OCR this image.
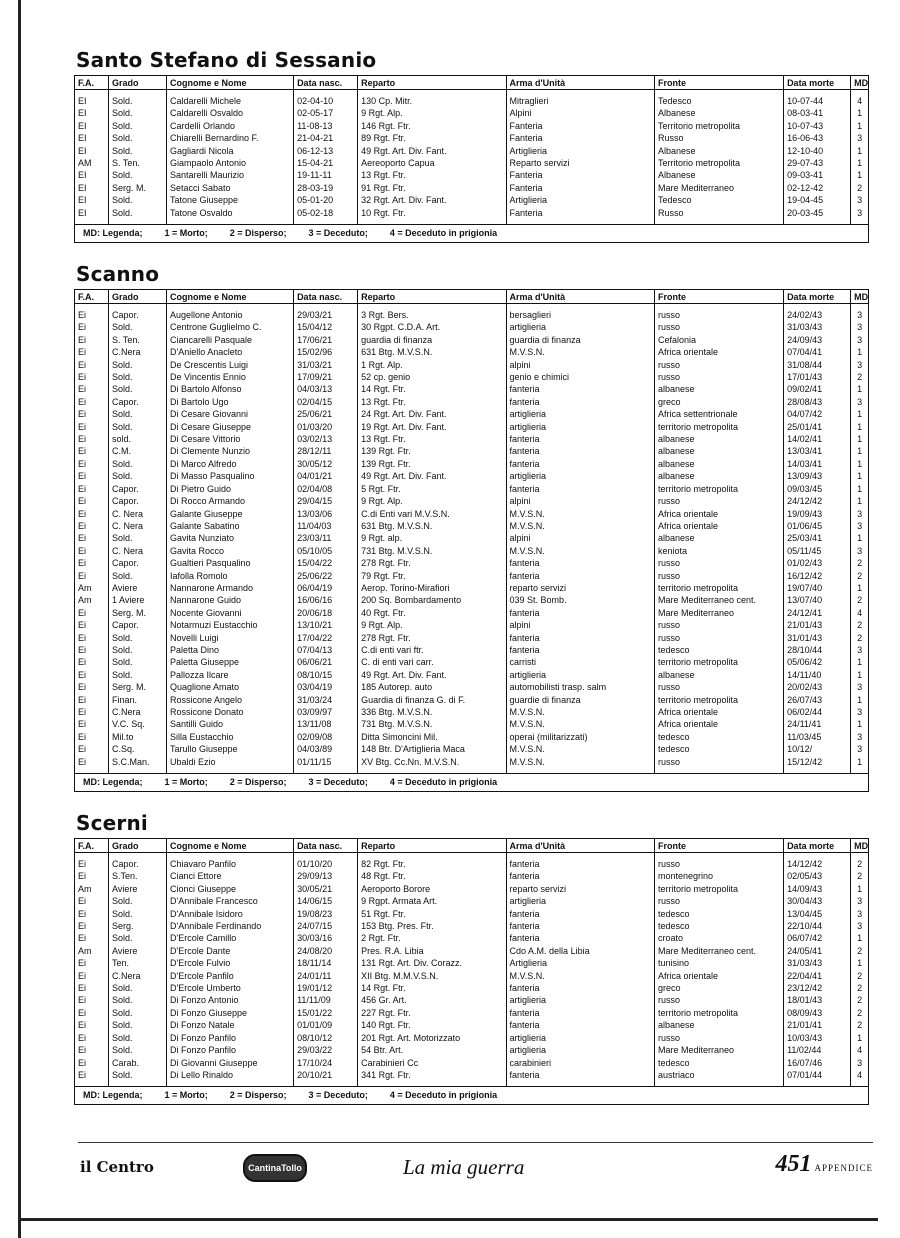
Santo Stefano di Sessanio
F.A.	Grado	Cognome e Nome	Data nasc.	Reparto	Arma d'Unità	Fronte	Data morte	MD

EI	Sold.	Caldarelli Michele	02-04-10	130 Cp. Mitr.	Mitraglieri	Tedesco	10-07-44	4
EI	Sold.	Caldarelli Osvaldo	02-05-17	9 Rgt. Alp.	Alpini	Albanese	08-03-41	1
EI	Sold.	Cardelli Orlando	11-08-13	146 Rgt. Ftr.	Fanteria	Territorio metropolita	10-07-43	1
EI	Sold.	Chiarelli Bernardino F.	21-04-21	89 Rgt. Ftr.	Fanteria	Russo	16-06-43	3
EI	Sold.	Gagliardi Nicola	06-12-13	49 Rgt. Art. Div. Fant.	Artiglieria	Albanese	12-10-40	1
AM	S. Ten.	Giampaolo Antonio	15-04-21	Aereoporto Capua	Reparto servizi	Territorio metropolita	29-07-43	1
EI	Sold.	Santarelli Maurizio	19-11-11	13 Rgt. Ftr.	Fanteria	Albanese	09-03-41	1
EI	Serg. M.	Setacci Sabato	28-03-19	91 Rgt. Ftr.	Fanteria	Mare Mediterraneo	02-12-42	2
EI	Sold.	Tatone Giuseppe	05-01-20	32 Rgt. Art. Div. Fant.	Artiglieria	Tedesco	19-04-45	3
EI	Sold.	Tatone Osvaldo	05-02-18	10 Rgt. Ftr.	Fanteria	Russo	20-03-45	3

MD: Legenda; 1 = Morto; 2 = Disperso; 3 = Deceduto; 4 = Deceduto in prigionia
Scanno
F.A.	Grado	Cognome e Nome	Data nasc.	Reparto	Arma d'Unità	Fronte	Data morte	MD

Ei	Capor.	Augellone Antonio	29/03/21	3 Rgt. Bers.	bersaglieri	russo	24/02/43	3
Ei	Sold.	Centrone Guglielmo C.	15/04/12	30 Rgpt. C.D.A. Art.	artiglieria	russo	31/03/43	3
Ei	S. Ten.	Ciancarelli Pasquale	17/06/21	guardia di finanza	guardia di finanza	Cefalonia	24/09/43	3
Ei	C.Nera	D'Aniello Anacleto	15/02/96	631 Btg. M.V.S.N.	M.V.S.N.	Africa orientale	07/04/41	1
Ei	Sold.	De Crescentis Luigi	31/03/21	1 Rgt. Alp.	alpini	russo	31/08/44	3
Ei	Sold.	De Vincentis Ennio	17/09/21	52 cp. genio	genio e chimici	russo	17/01/43	2
Ei	Sold.	Di Bartolo Alfonso	04/03/13	14 Rgt. Ftr.	fanteria	albanese	09/02/41	1
Ei	Capor.	Di Bartolo Ugo	02/04/15	13 Rgt. Ftr.	fanteria	greco	28/08/43	3
Ei	Sold.	Di Cesare Giovanni	25/06/21	24 Rgt. Art. Div. Fant.	artiglieria	Africa settentrionale	04/07/42	1
Ei	Sold.	Di Cesare Giuseppe	01/03/20	19 Rgt. Art. Div. Fant.	artiglieria	territorio metropolita	25/01/41	1
Ei	sold.	Di Cesare Vittorio	03/02/13	13 Rgt. Ftr.	fanteria	albanese	14/02/41	1
Ei	C.M.	Di Clemente Nunzio	28/12/11	139 Rgt. Ftr.	fanteria	albanese	13/03/41	1
Ei	Sold.	Di Marco Alfredo	30/05/12	139 Rgt. Ftr.	fanteria	albanese	14/03/41	1
Ei	Sold.	Di Masso Pasqualino	04/01/21	49 Rgt. Art. Div. Fant.	artiglieria	albanese	13/09/43	1
Ei	Capor.	Di Pietro Guido	02/04/08	5 Rgt. Ftr.	fanteria	territorio metropolita	09/03/45	1
Ei	Capor.	Di Rocco Armando	29/04/15	9 Rgt. Alp.	alpini	russo	24/12/42	1
Ei	C. Nera	Galante Giuseppe	13/03/06	C.di Enti vari M.V.S.N.	M.V.S.N.	Africa orientale	19/09/43	3
Ei	C. Nera	Galante Sabatino	11/04/03	631 Btg. M.V.S.N.	M.V.S.N.	Africa orientale	01/06/45	3
Ei	Sold.	Gavita Nunziato	23/03/11	9 Rgt. alp.	alpini	albanese	25/03/41	1
Ei	C. Nera	Gavita Rocco	05/10/05	731 Btg. M.V.S.N.	M.V.S.N.	keniota	05/11/45	3
Ei	Capor.	Gualtieri Pasqualino	15/04/22	278 Rgt. Ftr.	fanteria	russo	01/02/43	2
Ei	Sold.	Iafolla Romolo	25/06/22	79 Rgt. Ftr.	fanteria	russo	16/12/42	2
Am	Aviere	Nannarone Armando	06/04/19	Aerop. Torino-Mirafiori	reparto servizi	territorio metropolita	19/07/40	1
Am	1 Aviere	Nannarone Guido	16/06/16	200 Sq. Bombardamento	039 St. Bomb.	Mare Mediterraneo cent.	13/07/40	2
Ei	Serg. M.	Nocente Giovanni	20/06/18	40 Rgt. Ftr.	fanteria	Mare Mediterraneo	24/12/41	4
Ei	Capor.	Notarmuzi Eustacchio	13/10/21	9 Rgt. Alp.	alpini	russo	21/01/43	2
Ei	Sold.	Novelli Luigi	17/04/22	278 Rgt. Ftr.	fanteria	russo	31/01/43	2
Ei	Sold.	Paletta Dino	07/04/13	C.di enti vari ftr.	fanteria	tedesco	28/10/44	3
Ei	Sold.	Paletta Giuseppe	06/06/21	C. di enti vari carr.	carristi	territorio metropolita	05/06/42	1
Ei	Sold.	Pallozza Ilcare	08/10/15	49 Rgt. Art. Div. Fant.	artiglieria	albanese	14/11/40	1
Ei	Serg. M.	Quaglione Amato	03/04/19	185 Autorep. auto	automobilisti trasp. salm	russo	20/02/43	3
Ei	Finan.	Rossicone Angelo	31/03/24	Guardia di finanza G. di F.	guardie di finanza	territorio metropolita	26/07/43	1
Ei	C.Nera	Rossicone Donato	03/09/97	336 Btg. M.V.S.N.	M.V.S.N.	Africa orientale	06/02/44	3
Ei	V.C. Sq.	Santilli Guido	13/11/08	731 Btg. M.V.S.N.	M.V.S.N.	Africa orientale	24/11/41	1
Ei	Mil.to	Silla Eustacchio	02/09/08	Ditta Simoncini Mil.	operai (militarizzati)	tedesco	11/03/45	3
Ei	C.Sq.	Tarullo Giuseppe	04/03/89	148 Btr. D'Artiglieria Maca	M.V.S.N.	tedesco	10/12/	3
Ei	S.C.Man.	Ubaldi Ezio	01/11/15	XV Btg. Cc.Nn. M.V.S.N.	M.V.S.N.	russo	15/12/42	1

MD: Legenda; 1 = Morto; 2 = Disperso; 3 = Deceduto; 4 = Deceduto in prigionia
Scerni
F.A.	Grado	Cognome e Nome	Data nasc.	Reparto	Arma d'Unità	Fronte	Data morte	MD

Ei	Capor.	Chiavaro Panfilo	01/10/20	82 Rgt. Ftr.	fanteria	russo	14/12/42	2
Ei	S.Ten.	Cianci Ettore	29/09/13	48 Rgt. Ftr.	fanteria	montenegrino	02/05/43	2
Am	Aviere	Cionci Giuseppe	30/05/21	Aeroporto Borore	reparto servizi	territorio metropolita	14/09/43	1
Ei	Sold.	D'Annibale Francesco	14/06/15	9 Rgpt. Armata Art.	artiglieria	russo	30/04/43	3
Ei	Sold.	D'Annibale Isidoro	19/08/23	51 Rgt. Ftr.	fanteria	tedesco	13/04/45	3
Ei	Serg.	D'Annibale Ferdinando	24/07/15	153 Btg. Pres. Ftr.	fanteria	tedesco	22/10/44	3
Ei	Sold.	D'Ercole Camillo	30/03/16	2 Rgt. Ftr.	fanteria	croato	06/07/42	1
Am	Aviere	D'Ercole Dante	24/08/20	Pres. R.A. Libia	Cdo A.M. della Libia	Mare Mediterraneo cent.	24/05/41	2
Ei	Ten.	D'Ercole Fulvio	18/11/14	131 Rgt. Art. Div. Corazz.	Artiglieria	tunisino	31/03/43	1
Ei	C.Nera	D'Ercole Panfilo	24/01/11	XII Btg. M.M.V.S.N.	M.V.S.N.	Africa orientale	22/04/41	2
Ei	Sold.	D'Ercole Umberto	19/01/12	14 Rgt. Ftr.	fanteria	greco	23/12/42	2
Ei	Sold.	Di Fonzo Antonio	11/11/09	456 Gr. Art.	artiglieria	russo	18/01/43	2
Ei	Sold.	Di Fonzo Giuseppe	15/01/22	227 Rgt. Ftr.	fanteria	territorio metropolita	08/09/43	2
Ei	Sold.	Di Fonzo Natale	01/01/09	140 Rgt. Ftr.	fanteria	albanese	21/01/41	2
Ei	Sold.	Di Fonzo Panfilo	08/10/12	201 Rgt. Art. Motorizzato	artiglieria	russo	10/03/43	1
Ei	Sold.	Di Fonzo Panfilo	29/03/22	54 Btr. Art.	artiglieria	Mare Mediterraneo	11/02/44	4
Ei	Carab.	Di Giovanni Giuseppe	17/10/24	Carabinieri Cc	carabinieri	tedesco	16/07/46	3
Ei	Sold.	Di Lello Rinaldo	20/10/21	341 Rgt. Ftr.	fanteria	austriaco	07/01/44	4

MD: Legenda; 1 = Morto; 2 = Disperso; 3 = Deceduto; 4 = Deceduto in prigionia
il Centro	CantinaTollo	La mia guerra	451 APPENDICE
